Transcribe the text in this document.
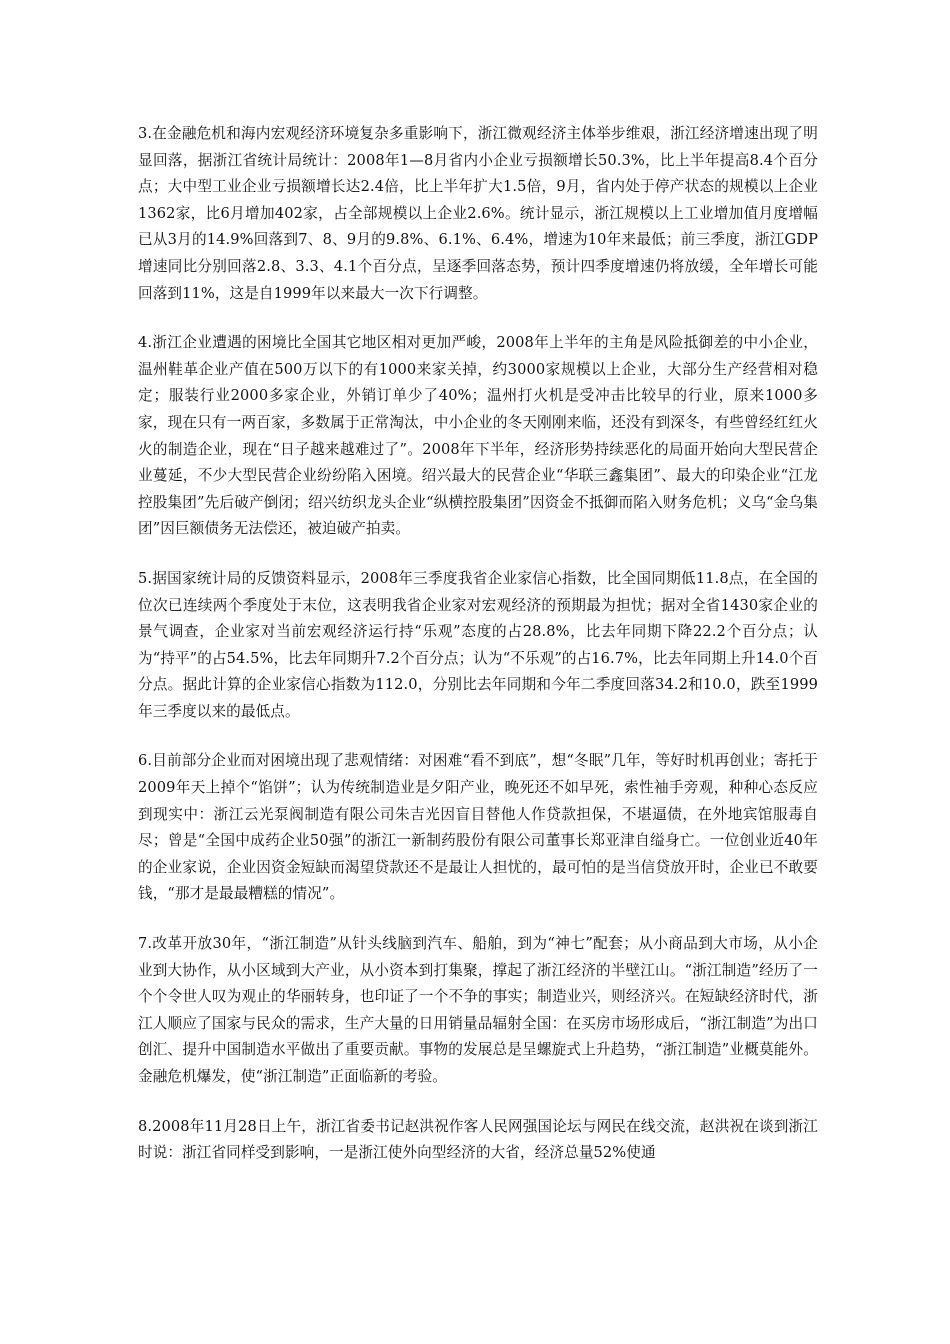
3.在金融危机和海内宏观经济环境复杂多重影响下，浙江微观经济主体举步维艰，浙江经济增速出现了明显回落，据浙江省统计局统计：2008年1—8月省内小企业亏损额增长50.3%，比上半年提高8.4个百分点；大中型工业企业亏损额增长达2.4倍，比上半年扩大1.5倍，9月，省内处于停产状态的规模以上企业1362家，比6月增加402家，占全部规模以上企业2.6%。统计显示，浙江规模以上工业增加值月度增幅已从3月的14.9%回落到7、8、9月的9.8%、6.1%、6.4%，增速为10年来最低；前三季度，浙江GDP增速同比分别回落2.8、3.3、4.1个百分点，呈逐季回落态势，预计四季度增速仍将放缓，全年增长可能回落到11%，这是自1999年以来最大一次下行调整。

4.浙江企业遭遇的困境比全国其它地区相对更加严峻，2008年上半年的主角是风险抵御差的中小企业，温州鞋革企业产值在500万以下的有1000来家关掉，约3000家规模以上企业，大部分生产经营相对稳定；服装行业2000多家企业，外销订单少了40%；温州打火机是受冲击比较早的行业，原来1000多家，现在只有一两百家，多数属于正常淘汰，中小企业的冬天刚刚来临，还没有到深冬，有些曾经红红火火的制造企业，现在“日子越来越难过了”。2008年下半年，经济形势持续恶化的局面开始向大型民营企业蔓延，不少大型民营企业纷纷陷入困境。绍兴最大的民营企业“华联三鑫集团”、最大的印染企业“江龙控股集团”先后破产倒闭；绍兴纺织龙头企业“纵横控股集团”因资金不抵御而陷入财务危机；义乌“金乌集团”因巨额债务无法偿还，被迫破产拍卖。

5.据国家统计局的反馈资料显示，2008年三季度我省企业家信心指数，比全国同期低11.8点，在全国的位次已连续两个季度处于末位，这表明我省企业家对宏观经济的预期最为担忧；据对全省1430家企业的景气调查，企业家对当前宏观经济运行持“乐观”态度的占28.8%，比去年同期下降22.2个百分点；认为“持平”的占54.5%，比去年同期升7.2个百分点；认为“不乐观”的占16.7%，比去年同期上升14.0个百分点。据此计算的企业家信心指数为112.0，分别比去年同期和今年二季度回落34.2和10.0，跌至1999年三季度以来的最低点。

6.目前部分企业而对困境出现了悲观情绪：对困难“看不到底”，想“冬眠”几年，等好时机再创业；寄托于2009年天上掉个“馅饼”；认为传统制造业是夕阳产业，晚死还不如早死，索性袖手旁观，种种心态反应到现实中：浙江云光泵阀制造有限公司朱吉光因盲目替他人作贷款担保，不堪逼债，在外地宾馆服毒自尽；曾是“全国中成药企业50强”的浙江一新制药股份有限公司董事长郑亚津自缢身亡。一位创业近40年的企业家说，企业因资金短缺而渴望贷款还不是最让人担忧的，最可怕的是当信贷放开时，企业已不敢要钱，“那才是最最糟糕的情况”。

7.改革开放30年，“浙江制造”从针头线脑到汽车、船舶，到为“神七”配套；从小商品到大市场，从小企业到大协作，从小区域到大产业，从小资本到打集聚，撑起了浙江经济的半壁江山。“浙江制造”经历了一个个令世人叹为观止的华丽转身，也印证了一个不争的事实；制造业兴，则经济兴。在短缺经济时代，浙江人顺应了国家与民众的需求，生产大量的日用销量品辐射全国：在买房市场形成后，“浙江制造”为出口创汇、提升中国制造水平做出了重要贡献。事物的发展总是呈螺旋式上升趋势，“浙江制造”业概莫能外。金融危机爆发，使“浙江制造”正面临新的考验。

8.2008年11月28日上午，浙江省委书记赵洪祝作客人民网强国论坛与网民在线交流，赵洪祝在谈到浙江时说：浙江省同样受到影响，一是浙江使外向型经济的大省，经济总量52%使通
